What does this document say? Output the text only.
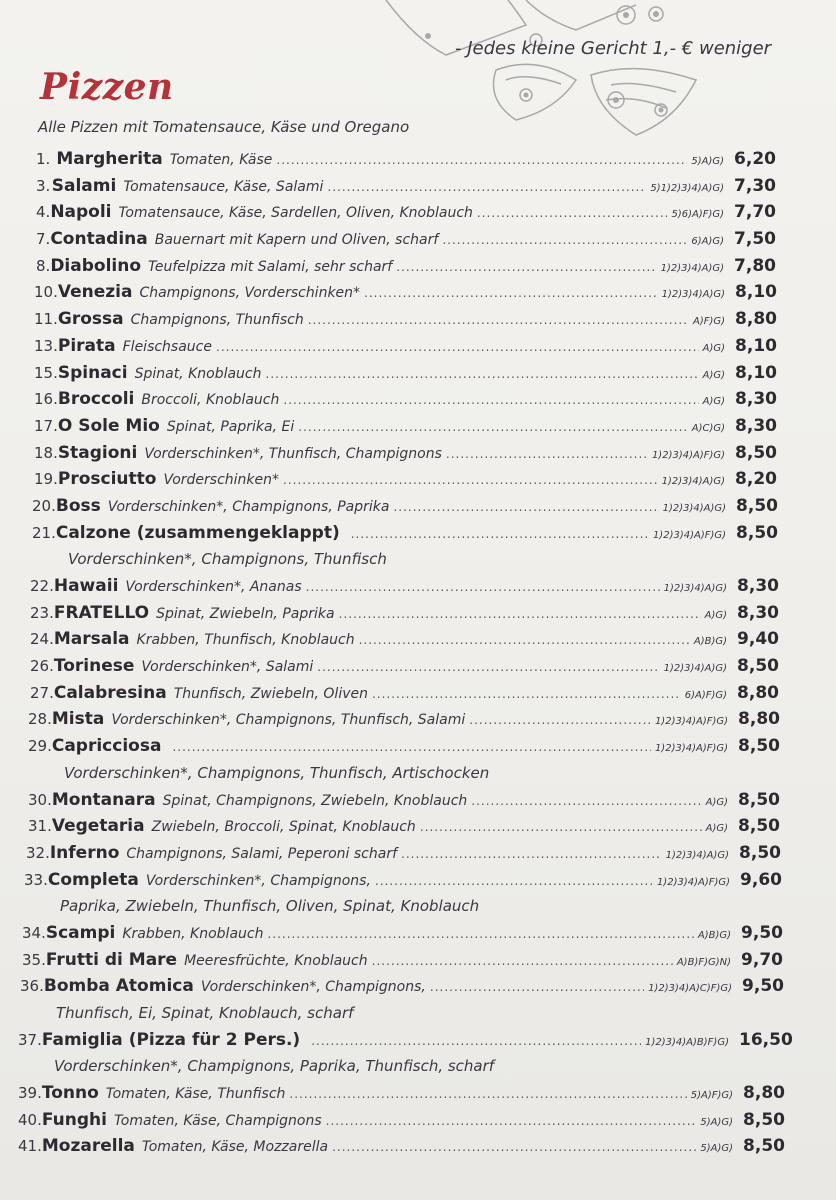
- Jedes kleine Gericht 1,- € weniger
Pizzen
Alle Pizzen mit Tomatensauce, Käse und Oregano
1. Margherita Tomaten, Käse .....	5)A)G) 6,20
3. Salami Tomatensauce, Käse, Salami .....	5)1)2)3)4)A)G) 7,30
4. Napoli Tomatensauce, Käse, Sardellen, Oliven, Knoblauch .....	5)6)A)F)G) 7,70
7. Contadina Bauernart mit Kapern und Oliven, scharf .....	6)A)G) 7,50
8. Diabolino Teufelpizza mit Salami, sehr scharf .....	1)2)3)4)A)G) 7,80
10. Venezia Champignons, Vorderschinken* .....	1)2)3)4)A)G) 8,10
11. Grossa Champignons, Thunfisch .....	A)F)G) 8,80
13. Pirata Fleischsauce .....	A)G) 8,10
15. Spinaci Spinat, Knoblauch .....	A)G) 8,10
16. Broccoli Broccoli, Knoblauch .....	A)G) 8,30
17. O Sole Mio Spinat, Paprika, Ei .....	A)C)G) 8,30
18. Stagioni Vorderschinken*, Thunfisch, Champignons .....	1)2)3)4)A)F)G) 8,50
19. Prosciutto Vorderschinken* .....	1)2)3)4)A)G) 8,20
20. Boss Vorderschinken*, Champignons, Paprika .....	1)2)3)4)A)G) 8,50
21. Calzone (zusammengeklappt) .....	1)2)3)4)A)F)G) 8,50
Vorderschinken*, Champignons, Thunfisch
22. Hawaii Vorderschinken*, Ananas .....	1)2)3)4)A)G) 8,30
23. FRATELLO Spinat, Zwiebeln, Paprika .....	A)G) 8,30
24. Marsala Krabben, Thunfisch, Knoblauch .....	A)B)G) 9,40
26. Torinese Vorderschinken*, Salami .....	1)2)3)4)A)G) 8,50
27. Calabresina Thunfisch, Zwiebeln, Oliven .....	6)A)F)G) 8,80
28. Mista Vorderschinken*, Champignons, Thunfisch, Salami .....	1)2)3)4)A)F)G) 8,80
29. Capricciosa .....	1)2)3)4)A)F)G) 8,50
Vorderschinken*, Champignons, Thunfisch, Artischocken
30. Montanara Spinat, Champignons, Zwiebeln, Knoblauch .....	A)G) 8,50
31. Vegetaria Zwiebeln, Broccoli, Spinat, Knoblauch .....	A)G) 8,50
32. Inferno Champignons, Salami, Peperoni scharf .....	1)2)3)4)A)G) 8,50
33. Completa Vorderschinken*, Champignons, .....	1)2)3)4)A)F)G) 9,60
Paprika, Zwiebeln, Thunfisch, Oliven, Spinat, Knoblauch
34. Scampi Krabben, Knoblauch .....	A)B)G) 9,50
35. Frutti di Mare Meeresfrüchte, Knoblauch .....	A)B)F)G)N) 9,70
36. Bomba Atomica Vorderschinken*, Champignons, .....	1)2)3)4)A)C)F)G) 9,50
Thunfisch, Ei, Spinat, Knoblauch, scharf
37. Famiglia (Pizza für 2 Pers.) .....	1)2)3)4)A)B)F)G) 16,50
Vorderschinken*, Champignons, Paprika, Thunfisch, scharf
39. Tonno Tomaten, Käse, Thunfisch .....	5)A)F)G) 8,80
40. Funghi Tomaten, Käse, Champignons .....	5)A)G) 8,50
41. Mozarella Tomaten, Käse, Mozzarella .....	5)A)G) 8,50
